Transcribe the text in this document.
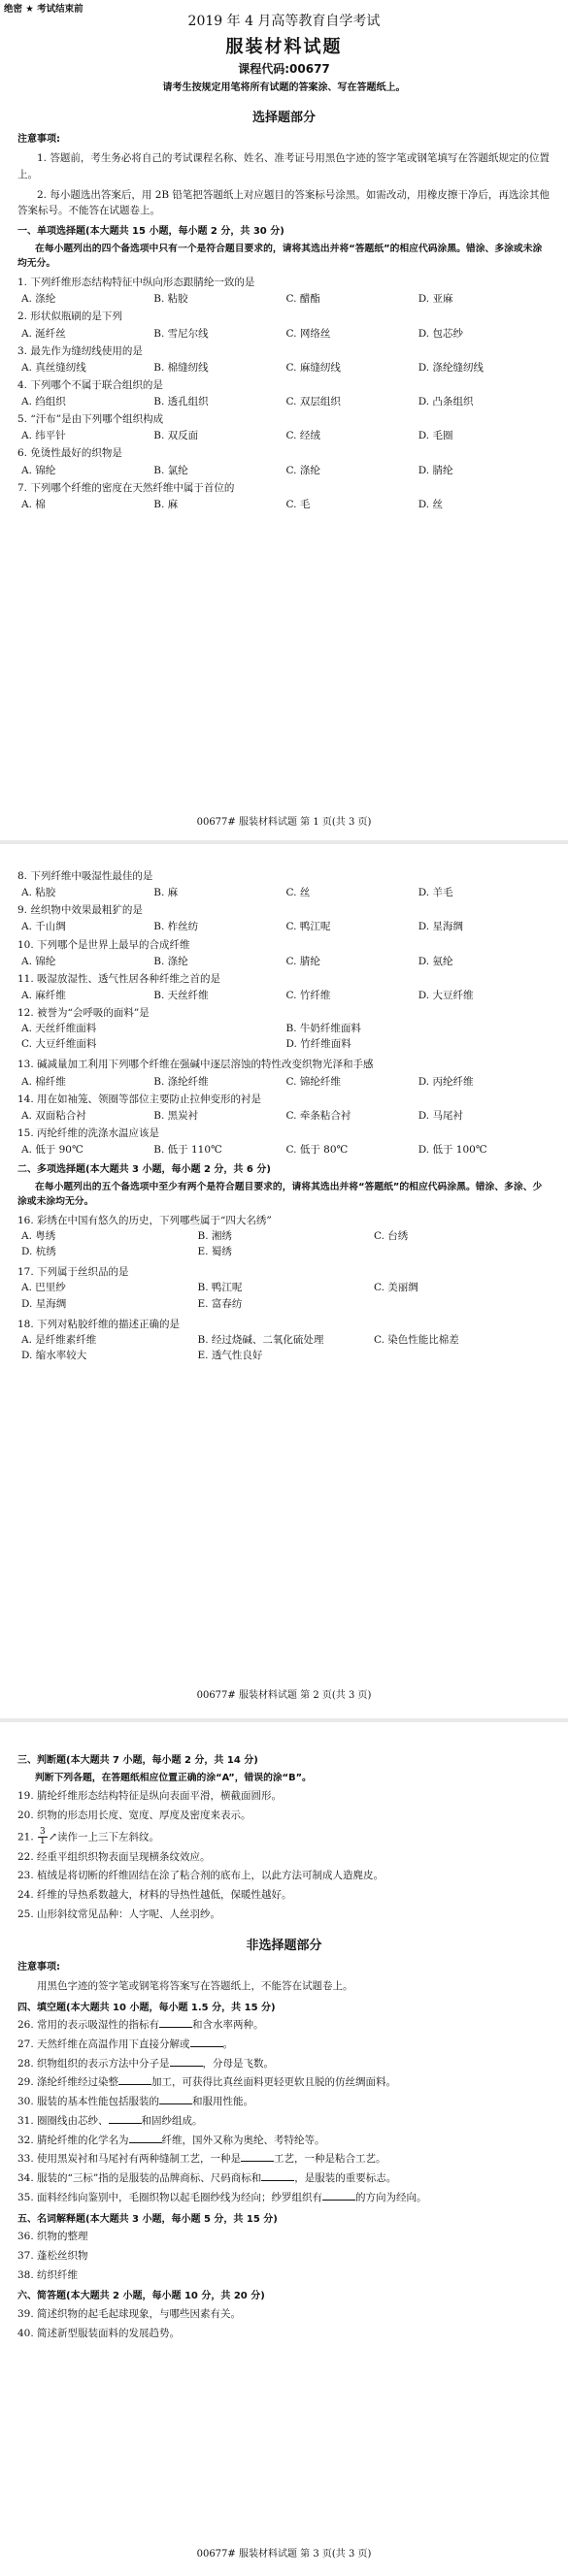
绝密 ★ 考试结束前
2019 年 4 月高等教育自学考试
服装材料试题
课程代码:00677
请考生按规定用笔将所有试题的答案涂、写在答题纸上。
选择题部分
注意事项:
1. 答题前，考生务必将自己的考试课程名称、姓名、准考证号用黑色字迹的签字笔或钢笔填写在答题纸规定的位置上。
2. 每小题选出答案后，用 2B 铅笔把答题纸上对应题目的答案标号涂黑。如需改动，用橡皮擦干净后，再选涂其他答案标号。不能答在试题卷上。
一、单项选择题(本大题共 15 小题，每小题 2 分，共 30 分)
在每小题列出的四个备选项中只有一个是符合题目要求的，请将其选出并将“答题纸”的相应代码涂黑。错涂、多涂或未涂均无分。
1. 下列纤维形态结构特征中纵向形态跟腈纶一致的是
A. 涤纶	B. 粘胶	C. 醋酯	D. 亚麻
2. 形状似瓶刷的是下列
A. 涎纤丝	B. 雪尼尔线	C. 网络丝	D. 包芯纱
3. 最先作为缝纫线使用的是
A. 真丝缝纫线	B. 棉缝纫线	C. 麻缝纫线	D. 涤纶缝纫线
4. 下列哪个不属于联合组织的是
A. 绉组织	B. 透孔组织	C. 双层组织	D. 凸条组织
5. “汗布”是由下列哪个组织构成
A. 纬平针	B. 双反面	C. 经绒	D. 毛圈
6. 免烫性最好的织物是
A. 锦纶	B. 氯纶	C. 涤纶	D. 腈纶
7. 下列哪个纤维的密度在天然纤维中属于首位的
A. 棉	B. 麻	C. 毛	D. 丝
00677# 服装材料试题 第 1 页(共 3 页)
8. 下列纤维中吸湿性最佳的是
A. 粘胶	B. 麻	C. 丝	D. 羊毛
9. 丝织物中效果最粗犷的是
A. 千山绸	B. 柞丝纺	C. 鸭江呢	D. 星海绸
10. 下列哪个是世界上最早的合成纤维
A. 锦纶	B. 涤纶	C. 腈纶	D. 氨纶
11. 吸湿放湿性、透气性居各种纤维之首的是
A. 麻纤维	B. 天丝纤维	C. 竹纤维	D. 大豆纤维
12. 被誉为“会呼吸的面料”是
A. 天丝纤维面料	B. 牛奶纤维面料
C. 大豆纤维面料	D. 竹纤维面料
13. 碱减量加工利用下列哪个纤维在强碱中逐层溶蚀的特性改变织物光泽和手感
A. 棉纤维	B. 涤纶纤维	C. 锦纶纤维	D. 丙纶纤维
14. 用在如袖笼、领圈等部位主要防止拉伸变形的衬是
A. 双面粘合衬	B. 黑炭衬	C. 牵条粘合衬	D. 马尾衬
15. 丙纶纤维的洗涤水温应该是
A. 低于 90℃	B. 低于 110℃	C. 低于 80℃	D. 低于 100℃
二、多项选择题(本大题共 3 小题，每小题 2 分，共 6 分)
在每小题列出的五个备选项中至少有两个是符合题目要求的，请将其选出并将“答题纸”的相应代码涂黑。错涂、多涂、少涂或未涂均无分。
16. 彩绣在中国有悠久的历史，下列哪些属于“四大名绣”
A. 粤绣	B. 湘绣	C. 台绣
D. 杭绣	E. 蜀绣
17. 下列属于丝织品的是
A. 巴里纱	B. 鸭江呢	C. 美丽绸
D. 星海绸	E. 富春纺
18. 下列对粘胶纤维的描述正确的是
A. 是纤维素纤维	B. 经过烧碱、二氧化硫处理	C. 染色性能比棉差
D. 缩水率较大	E. 透气性良好
00677# 服装材料试题 第 2 页(共 3 页)
三、判断题(本大题共 7 小题，每小题 2 分，共 14 分)
判断下列各题，在答题纸相应位置正确的涂“A”，错误的涂“B”。
19. 腈纶纤维形态结构特征是纵向表面平滑，横截面圆形。
20. 织物的形态用长度、宽度、厚度及密度来表示。
21. $\frac{3}{1}$ ↗读作一上三下左斜纹。
22. 经重平组织织物表面呈现横条纹效应。
23. 植绒是将切断的纤维固结在涂了粘合剂的底布上，以此方法可制成人造麂皮。
24. 纤维的导热系数越大，材料的导热性越低，保暖性越好。
25. 山形斜纹常见品种：人字呢、人丝羽纱。
非选择题部分
注意事项:
用黑色字迹的签字笔或钢笔将答案写在答题纸上，不能答在试题卷上。
四、填空题(本大题共 10 小题，每小题 1.5 分，共 15 分)
26. 常用的表示吸湿性的指标有	和含水率两种。
27. 天然纤维在高温作用下直接分解或	。
28. 织物组织的表示方法中分子是	，分母是飞数。
29. 涤纶纤维经过染整	加工，可获得比真丝面料更轻更软且脱的仿丝绸面料。
30. 服装的基本性能包括服装的	和服用性能。
31. 圈圈线由芯纱、	和固纱组成。
32. 腈纶纤维的化学名为	纤维，国外又称为奥纶、考特纶等。
33. 使用黑炭衬和马尾衬有两种缝制工艺，一种是	工艺，一种是粘合工艺。
34. 服装的“三标”指的是服装的品牌商标、尺码商标和	，是服装的重要标志。
35. 面料经纬向鉴别中，毛圈织物以起毛圈纱线为经向；纱罗组织有	的方向为经向。
五、名词解释题(本大题共 3 小题，每小题 5 分，共 15 分)
36. 织物的整理
37. 蓬松丝织物
38. 纺织纤维
六、简答题(本大题共 2 小题，每小题 10 分，共 20 分)
39. 简述织物的起毛起球现象，与哪些因素有关。
40. 简述新型服装面料的发展趋势。
00677# 服装材料试题 第 3 页(共 3 页)
